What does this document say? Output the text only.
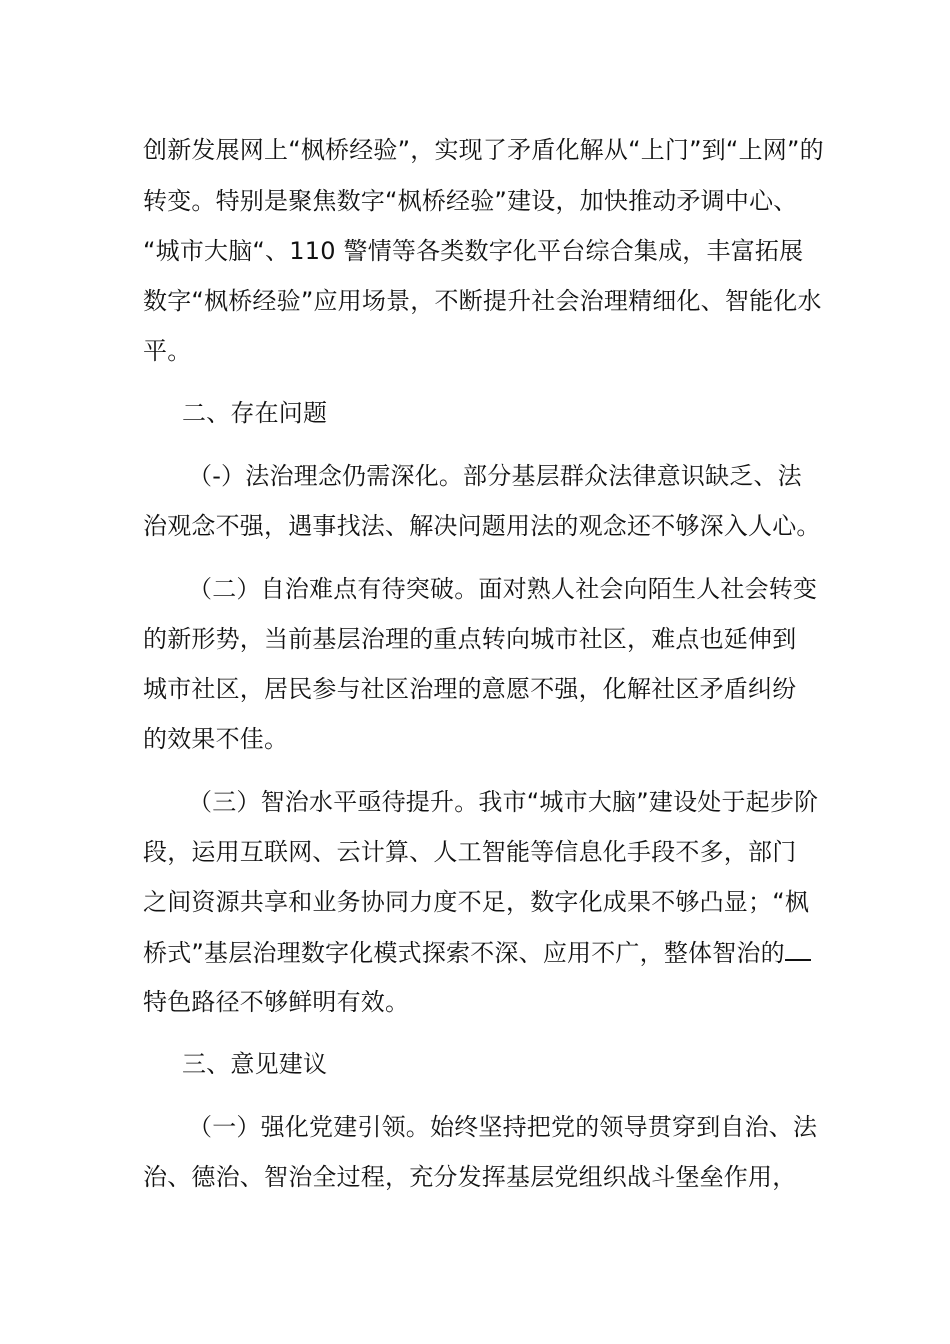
创新发展网上“枫桥经验”，实现了矛盾化解从“上门”到“上网”的
转变。特别是聚焦数字“枫桥经验”建设，加快推动矛调中心、
“城市大脑“、110 警情等各类数字化平台综合集成，丰富拓展
数字“枫桥经验”应用场景，不断提升社会治理精细化、智能化水
平。
二、存在问题
（-）法治理念仍需深化。部分基层群众法律意识缺乏、法
治观念不强，遇事找法、解决问题用法的观念还不够深入人心。
（二）自治难点有待突破。面对熟人社会向陌生人社会转变
的新形势，当前基层治理的重点转向城市社区，难点也延伸到
城市社区，居民参与社区治理的意愿不强，化解社区矛盾纠纷
的效果不佳。
（三）智治水平亟待提升。我市“城市大脑”建设处于起步阶
段，运用互联网、云计算、人工智能等信息化手段不多，部门
之间资源共享和业务协同力度不足，数字化成果不够凸显；“枫
桥式”基层治理数字化模式探索不深、应用不广，整体智治的
特色路径不够鲜明有效。
三、意见建议
（一）强化党建引领。始终坚持把党的领导贯穿到自治、法
治、德治、智治全过程，充分发挥基层党组织战斗堡垒作用，
